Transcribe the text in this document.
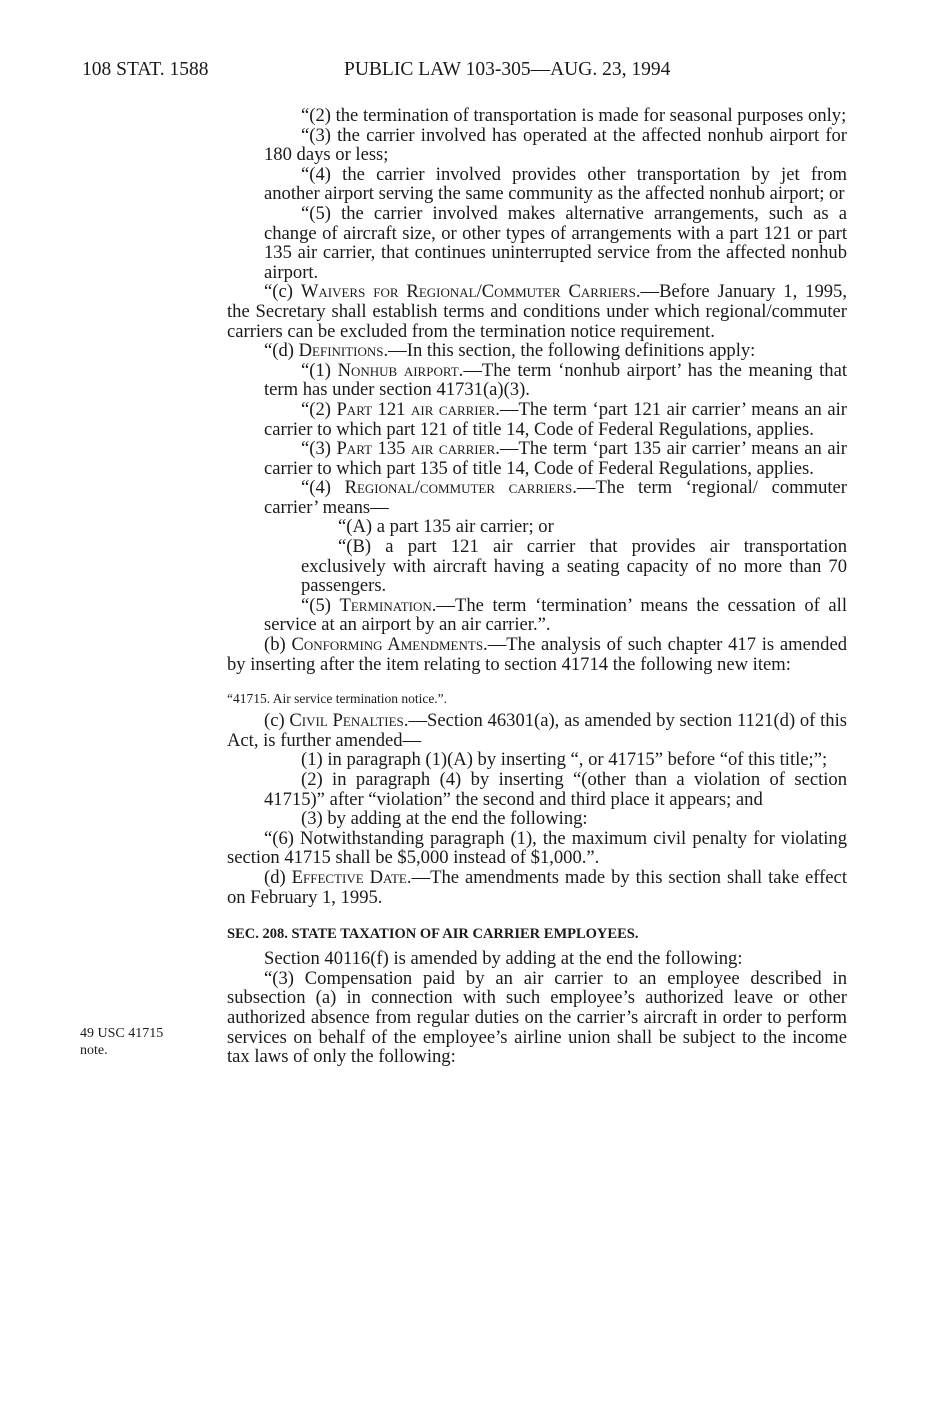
108 STAT. 1588	PUBLIC LAW 103-305—AUG. 23, 1994
49 USC 41715
note.

“(2) the termination of transportation is made for seasonal purposes only;

“(3) the carrier involved has operated at the affected nonhub airport for 180 days or less;

“(4) the carrier involved provides other transportation by jet from another airport serving the same community as the affected nonhub airport; or

“(5) the carrier involved makes alternative arrangements, such as a change of aircraft size, or other types of arrangements with a part 121 or part 135 air carrier, that continues uninterrupted service from the affected nonhub airport.

“(c) Waivers for Regional/Commuter Carriers.—Before January 1, 1995, the Secretary shall establish terms and conditions under which regional/commuter carriers can be excluded from the termination notice requirement.

“(d) Definitions.—In this section, the following definitions apply:

“(1) Nonhub airport.—The term ‘nonhub airport’ has the meaning that term has under section 41731(a)(3).

“(2) Part 121 air carrier.—The term ‘part 121 air carrier’ means an air carrier to which part 121 of title 14, Code of Federal Regulations, applies.

“(3) Part 135 air carrier.—The term ‘part 135 air carrier’ means an air carrier to which part 135 of title 14, Code of Federal Regulations, applies.

“(4) Regional/commuter carriers.—The term ‘regional/ commuter carrier’ means—

“(A) a part 135 air carrier; or

“(B) a part 121 air carrier that provides air transportation exclusively with aircraft having a seating capacity of no more than 70 passengers.

“(5) Termination.—The term ‘termination’ means the cessation of all service at an airport by an air carrier.”.

(b) Conforming Amendments.—The analysis of such chapter 417 is amended by inserting after the item relating to section 41714 the following new item:

“41715. Air service termination notice.”.

(c) Civil Penalties.—Section 46301(a), as amended by section 1121(d) of this Act, is further amended—

(1) in paragraph (1)(A) by inserting “, or 41715” before “of this title;”;

(2) in paragraph (4) by inserting “(other than a violation of section 41715)” after “violation” the second and third place it appears; and

(3) by adding at the end the following:

“(6) Notwithstanding paragraph (1), the maximum civil penalty for violating section 41715 shall be $5,000 instead of $1,000.”.

(d) Effective Date.—The amendments made by this section shall take effect on February 1, 1995.

SEC. 208. STATE TAXATION OF AIR CARRIER EMPLOYEES.

Section 40116(f) is amended by adding at the end the following:

“(3) Compensation paid by an air carrier to an employee described in subsection (a) in connection with such employee’s authorized leave or other authorized absence from regular duties on the carrier’s aircraft in order to perform services on behalf of the employee’s airline union shall be subject to the income tax laws of only the following:
